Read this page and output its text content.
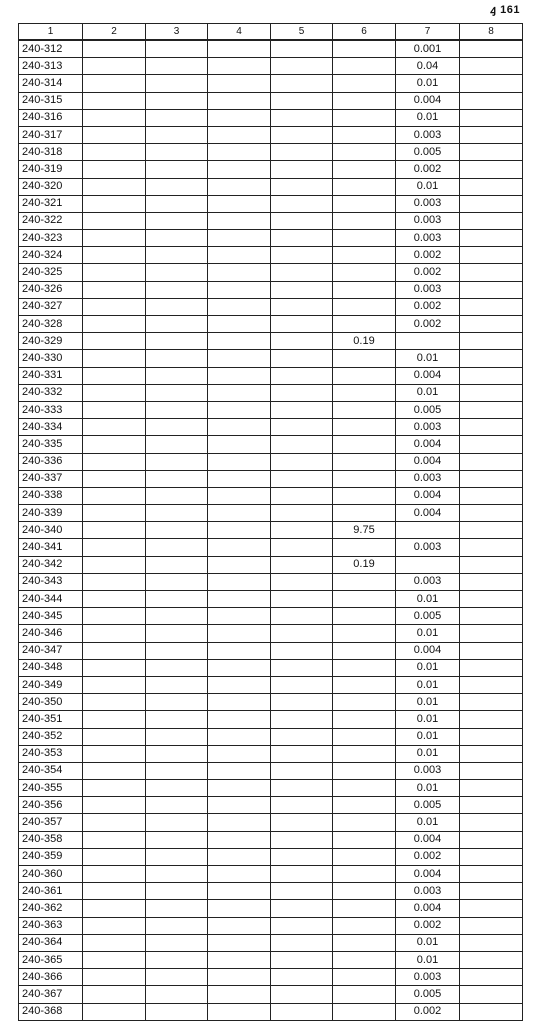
ꜭ 161
1	2	3	4	5	6	7	8
240-312						0.001	
240-313						0.04	
240-314						0.01	
240-315						0.004	
240-316						0.01	
240-317						0.003	
240-318						0.005	
240-319						0.002	
240-320						0.01	
240-321						0.003	
240-322						0.003	
240-323						0.003	
240-324						0.002	
240-325						0.002	
240-326						0.003	
240-327						0.002	
240-328						0.002	
240-329					0.19		
240-330						0.01	
240-331						0.004	
240-332						0.01	
240-333						0.005	
240-334						0.003	
240-335						0.004	
240-336						0.004	
240-337						0.003	
240-338						0.004	
240-339						0.004	
240-340					9.75		
240-341						0.003	
240-342					0.19		
240-343						0.003	
240-344						0.01	
240-345						0.005	
240-346						0.01	
240-347						0.004	
240-348						0.01	
240-349						0.01	
240-350						0.01	
240-351						0.01	
240-352						0.01	
240-353						0.01	
240-354						0.003	
240-355						0.01	
240-356						0.005	
240-357						0.01	
240-358						0.004	
240-359						0.002	
240-360						0.004	
240-361						0.003	
240-362						0.004	
240-363						0.002	
240-364						0.01	
240-365						0.01	
240-366						0.003	
240-367						0.005	
240-368						0.002	
